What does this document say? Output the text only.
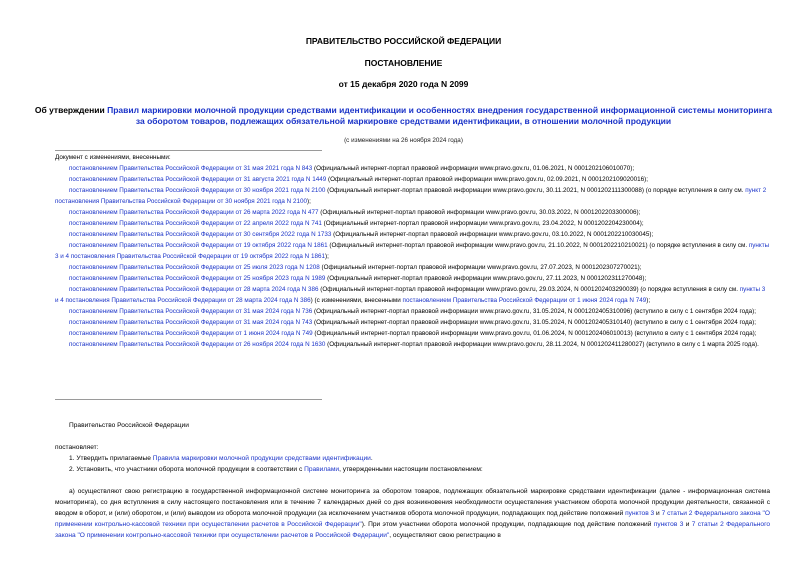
ПРАВИТЕЛЬСТВО РОССИЙСКОЙ ФЕДЕРАЦИИ
ПОСТАНОВЛЕНИЕ
от 15 декабря 2020 года N 2099
Об утверждении Правил маркировки молочной продукции средствами идентификации и особенностях внедрения государственной информационной системы мониторинга за оборотом товаров, подлежащих обязательной маркировке средствами идентификации, в отношении молочной продукции
(с изменениями на 26 ноября 2024 года)

Документ с изменениями, внесенными:

постановлением Правительства Российской Федерации от 31 мая 2021 года N 843 (Официальный интернет-портал правовой информации www.pravo.gov.ru, 01.06.2021, N 0001202106010070);

постановлением Правительства Российской Федерации от 31 августа 2021 года N 1449 (Официальный интернет-портал правовой информации www.pravo.gov.ru, 02.09.2021, N 0001202109020016);

постановлением Правительства Российской Федерации от 30 ноября 2021 года N 2100 (Официальный интернет-портал правовой информации www.pravo.gov.ru, 30.11.2021, N 0001202111300088) (о порядке вступления в силу см. пункт 2 постановления Правительства Российской Федерации от 30 ноября 2021 года N 2100);

постановлением Правительства Российской Федерации от 26 марта 2022 года N 477 (Официальный интернет-портал правовой информации www.pravo.gov.ru, 30.03.2022, N 0001202203300006);

постановлением Правительства Российской Федерации от 22 апреля 2022 года N 741 (Официальный интернет-портал правовой информации www.pravo.gov.ru, 23.04.2022, N 0001202204230004);

постановлением Правительства Российской Федерации от 30 сентября 2022 года N 1733 (Официальный интернет-портал правовой информации www.pravo.gov.ru, 03.10.2022, N 0001202210030045);

постановлением Правительства Российской Федерации от 19 октября 2022 года N 1861 (Официальный интернет-портал правовой информации www.pravo.gov.ru, 21.10.2022, N 0001202210210021) (о порядке вступления в силу см. пункты 3 и 4 постановления Правительства Российской Федерации от 19 октября 2022 года N 1861);

постановлением Правительства Российской Федерации от 25 июля 2023 года N 1208 (Официальный интернет-портал правовой информации www.pravo.gov.ru, 27.07.2023, N 0001202307270021);

постановлением Правительства Российской Федерации от 25 ноября 2023 года N 1989 (Официальный интернет-портал правовой информации www.pravo.gov.ru, 27.11.2023, N 0001202311270048);

постановлением Правительства Российской Федерации от 28 марта 2024 года N 386 (Официальный интернет-портал правовой информации www.pravo.gov.ru, 29.03.2024, N 0001202403290039) (о порядке вступления в силу см. пункты 3 и 4 постановления Правительства Российской Федерации от 28 марта 2024 года N 386) (с изменениями, внесенными постановлением Правительства Российской Федерации от 1 июня 2024 года N 749);

постановлением Правительства Российской Федерации от 31 мая 2024 года N 736 (Официальный интернет-портал правовой информации www.pravo.gov.ru, 31.05.2024, N 0001202405310096) (вступило в силу с 1 сентября 2024 года);

постановлением Правительства Российской Федерации от 31 мая 2024 года N 743 (Официальный интернет-портал правовой информации www.pravo.gov.ru, 31.05.2024, N 0001202405310140) (вступило в силу с 1 сентября 2024 года);

постановлением Правительства Российской Федерации от 1 июня 2024 года N 749 (Официальный интернет-портал правовой информации www.pravo.gov.ru, 01.06.2024, N 0001202406010013) (вступило в силу с 1 сентября 2024 года);

постановлением Правительства Российской Федерации от 26 ноября 2024 года N 1630 (Официальный интернет-портал правовой информации www.pravo.gov.ru, 28.11.2024, N 0001202411280027) (вступило в силу с 1 марта 2025 года).

Правительство Российской Федерации

постановляет:

1. Утвердить прилагаемые Правила маркировки молочной продукции средствами идентификации.

2. Установить, что участники оборота молочной продукции в соответствии с Правилами, утвержденными настоящим постановлением:

а) осуществляют свою регистрацию в государственной информационной системе мониторинга за оборотом товаров, подлежащих обязательной маркировке средствами идентификации (далее - информационная система мониторинга), со дня вступления в силу настоящего постановления или в течение 7 календарных дней со дня возникновения необходимости осуществления участником оборота молочной продукции деятельности, связанной с вводом в оборот, и (или) оборотом, и (или) выводом из оборота молочной продукции (за исключением участников оборота молочной продукции, подпадающих под действие положений пунктов 3 и 7 статьи 2 Федерального закона "О применении контрольно-кассовой техники при осуществлении расчетов в Российской Федерации"). При этом участники оборота молочной продукции, подпадающие под действие положений пунктов 3 и 7 статьи 2 Федерального закона "О применении контрольно-кассовой техники при осуществлении расчетов в Российской Федерации", осуществляют свою регистрацию в
